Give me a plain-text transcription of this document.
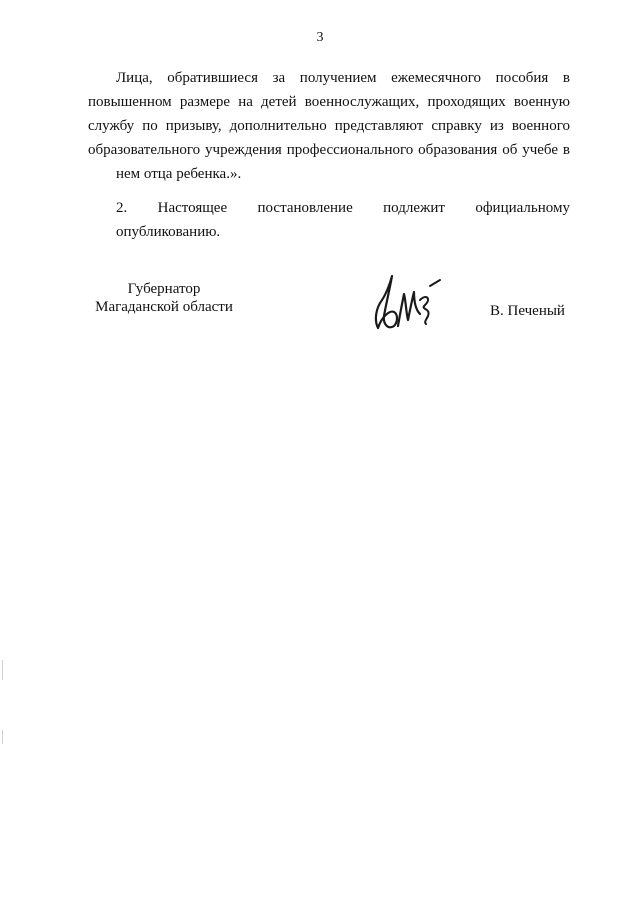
3

Лица, обратившиеся за получением ежемесячного пособия в
повышенном размере на детей военнослужащих, проходящих военную
службу по призыву, дополнительно представляют справку из военного
образовательного учреждения профессионального образования об учебе в
нем отца ребенка.».

2. Настоящее постановление подлежит официальному
опубликованию.

Губернатор
Магаданской области	В. Печеный
